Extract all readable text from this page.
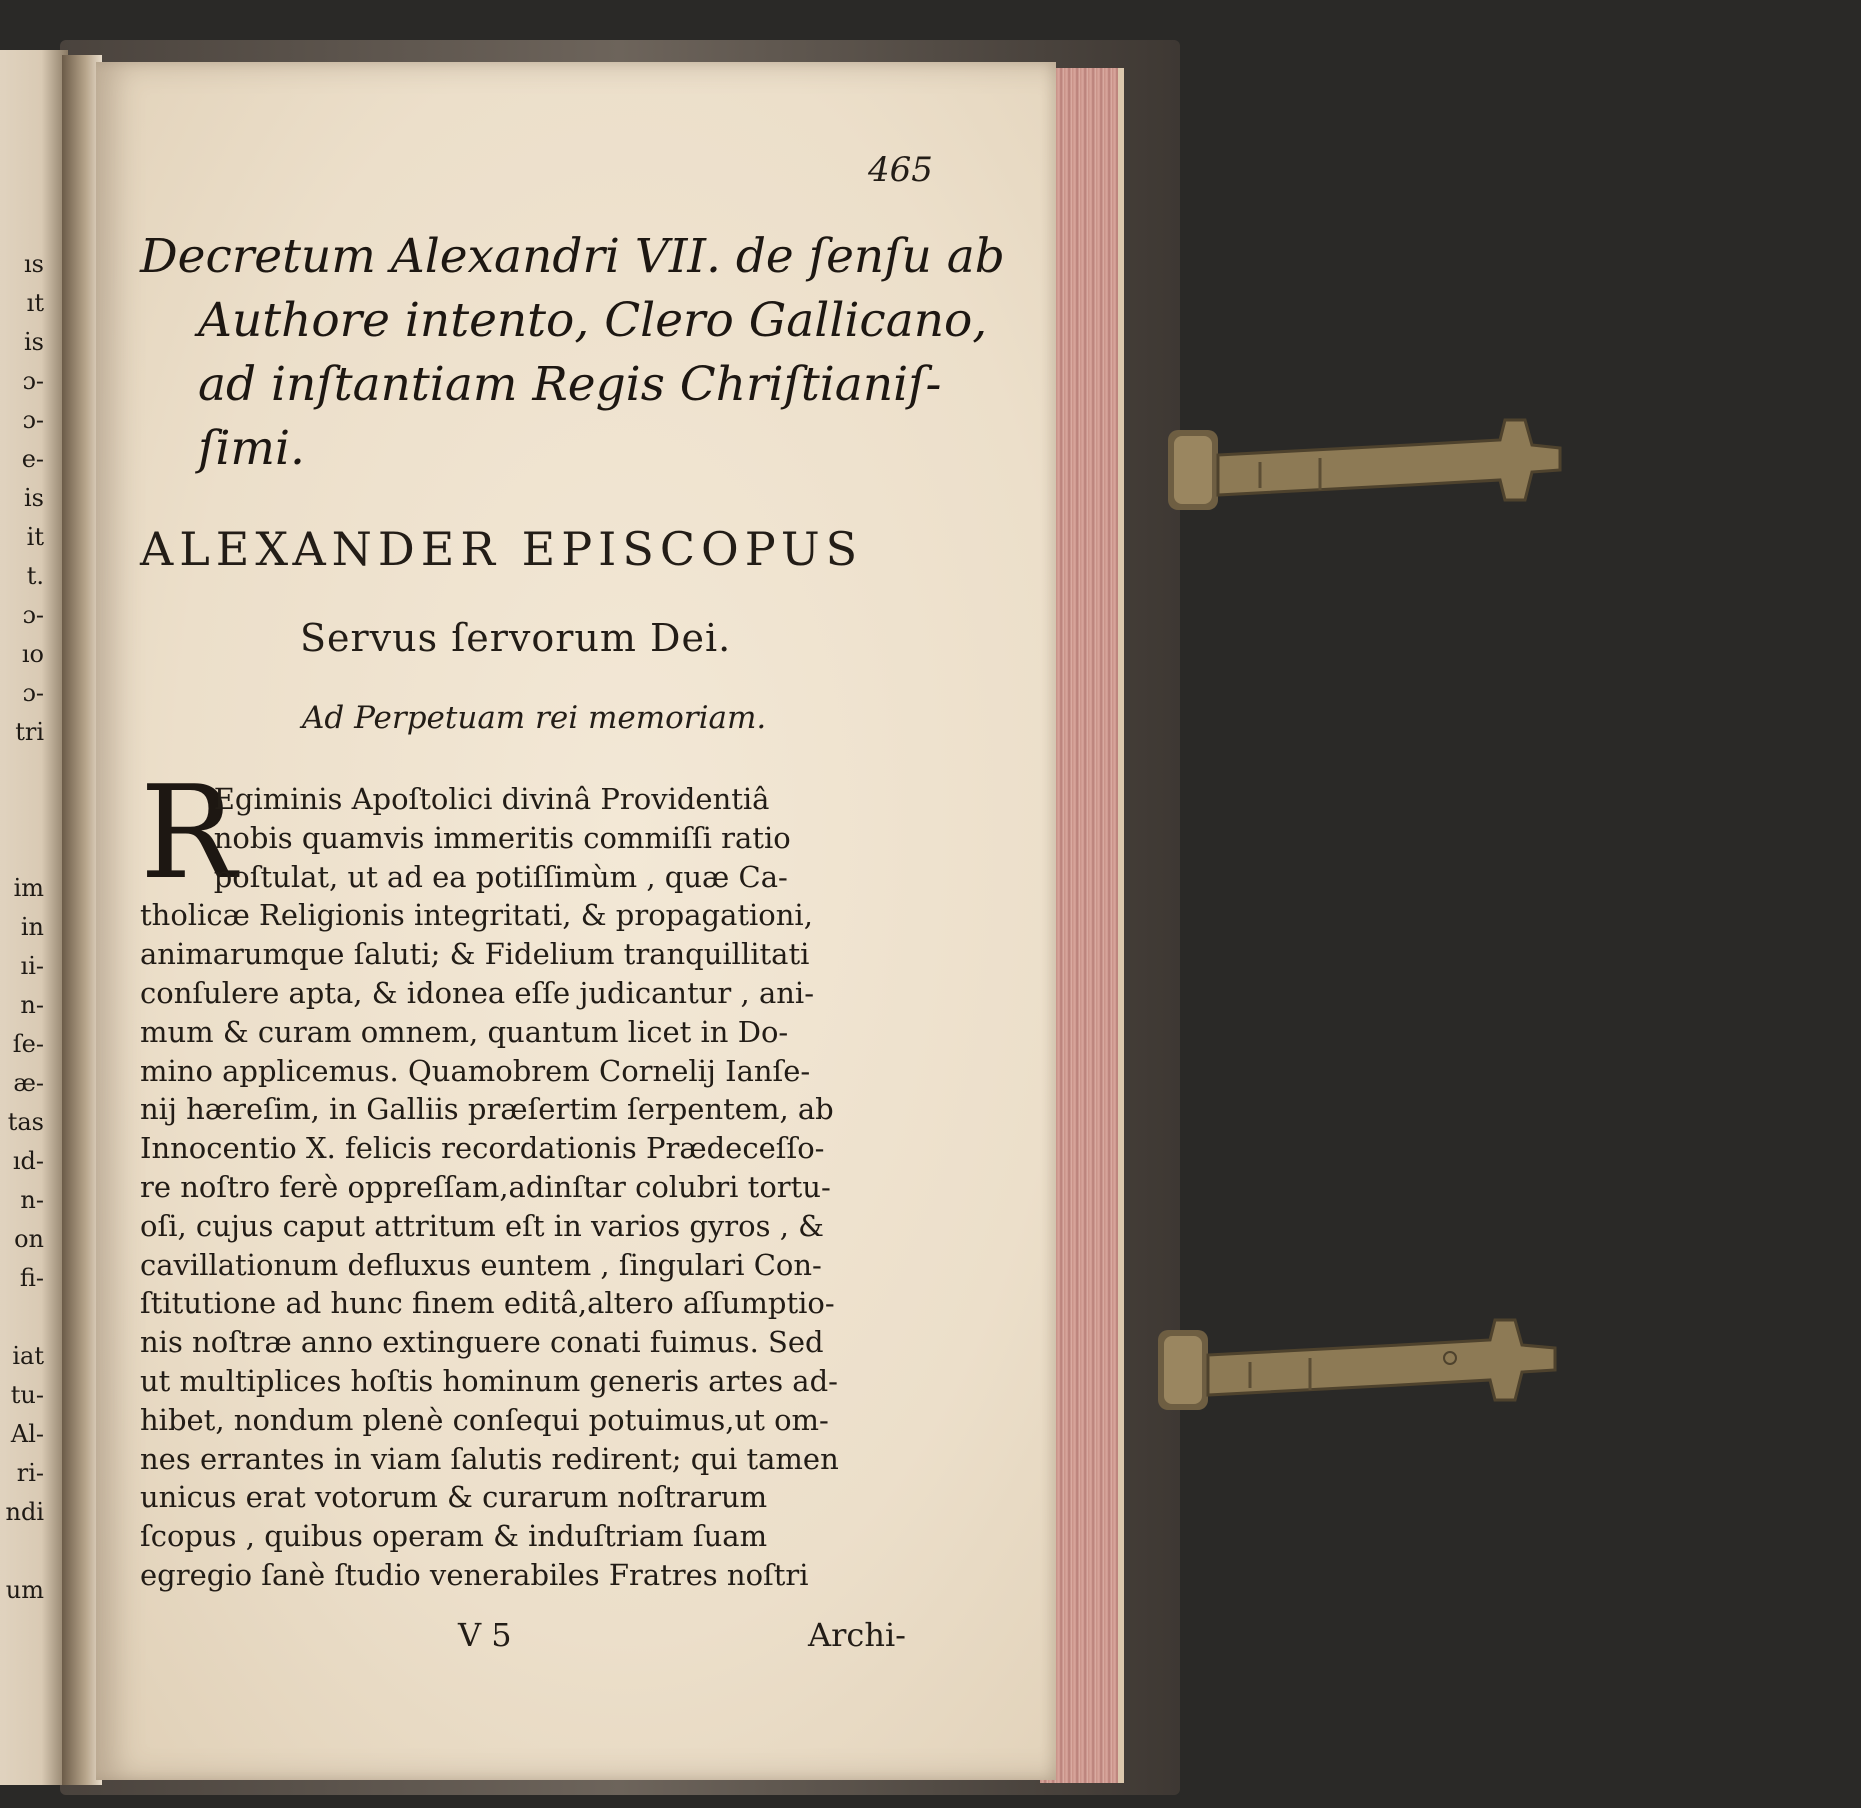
ıs
ıt
is
ɔ-
ɔ-
e-
is
it
t.
ɔ-
ıo
ɔ-
tri

im
in
ıi-
n-
ſe-
æ-
tas
ıd-
n-
on
fi-

iat
tu-
Al-
ri-
ndi

um
465
Decretum Alexandri VII. de ſenſu ab
Authore intento, Clero Gallicano,
ad inſtantiam Regis Chriſtianiſ-
ſimi.
ALEXANDER EPISCOPUS
Servus ſervorum Dei.
Ad Perpetuam rei memoriam.
R
Egiminis Apoſtolici divinâ Providentiâ
nobis quamvis immeritis commiſſi ratio
poſtulat, ut ad ea potiſſimùm , quæ Ca-
tholicæ Religionis integritati, & propagationi,
animarumque ſaluti; & Fidelium tranquillitati
conſulere apta, & idonea eſſe judicantur , ani-
mum & curam omnem, quantum licet in Do-
mino applicemus. Quamobrem Cornelij Ianſe-
nij hæreſim, in Galliis præſertim ſerpentem, ab
Innocentio X. felicis recordationis Prædeceſſo-
re noſtro ferè oppreſſam,adinſtar colubri tortu-
oſi, cujus caput attritum eſt in varios gyros , &
cavillationum defluxus euntem , ſingulari Con-
ſtitutione ad hunc finem editâ,altero aſſumptio-
nis noſtræ anno extinguere conati fuimus. Sed
ut multiplices hoſtis hominum generis artes ad-
hibet, nondum plenè conſequi potuimus,ut om-
nes errantes in viam ſalutis redirent; qui tamen
unicus erat votorum & curarum noſtrarum
ſcopus , quibus operam & induſtriam ſuam
egregio ſanè ſtudio venerabiles Fratres noſtri
V 5	Archi-
